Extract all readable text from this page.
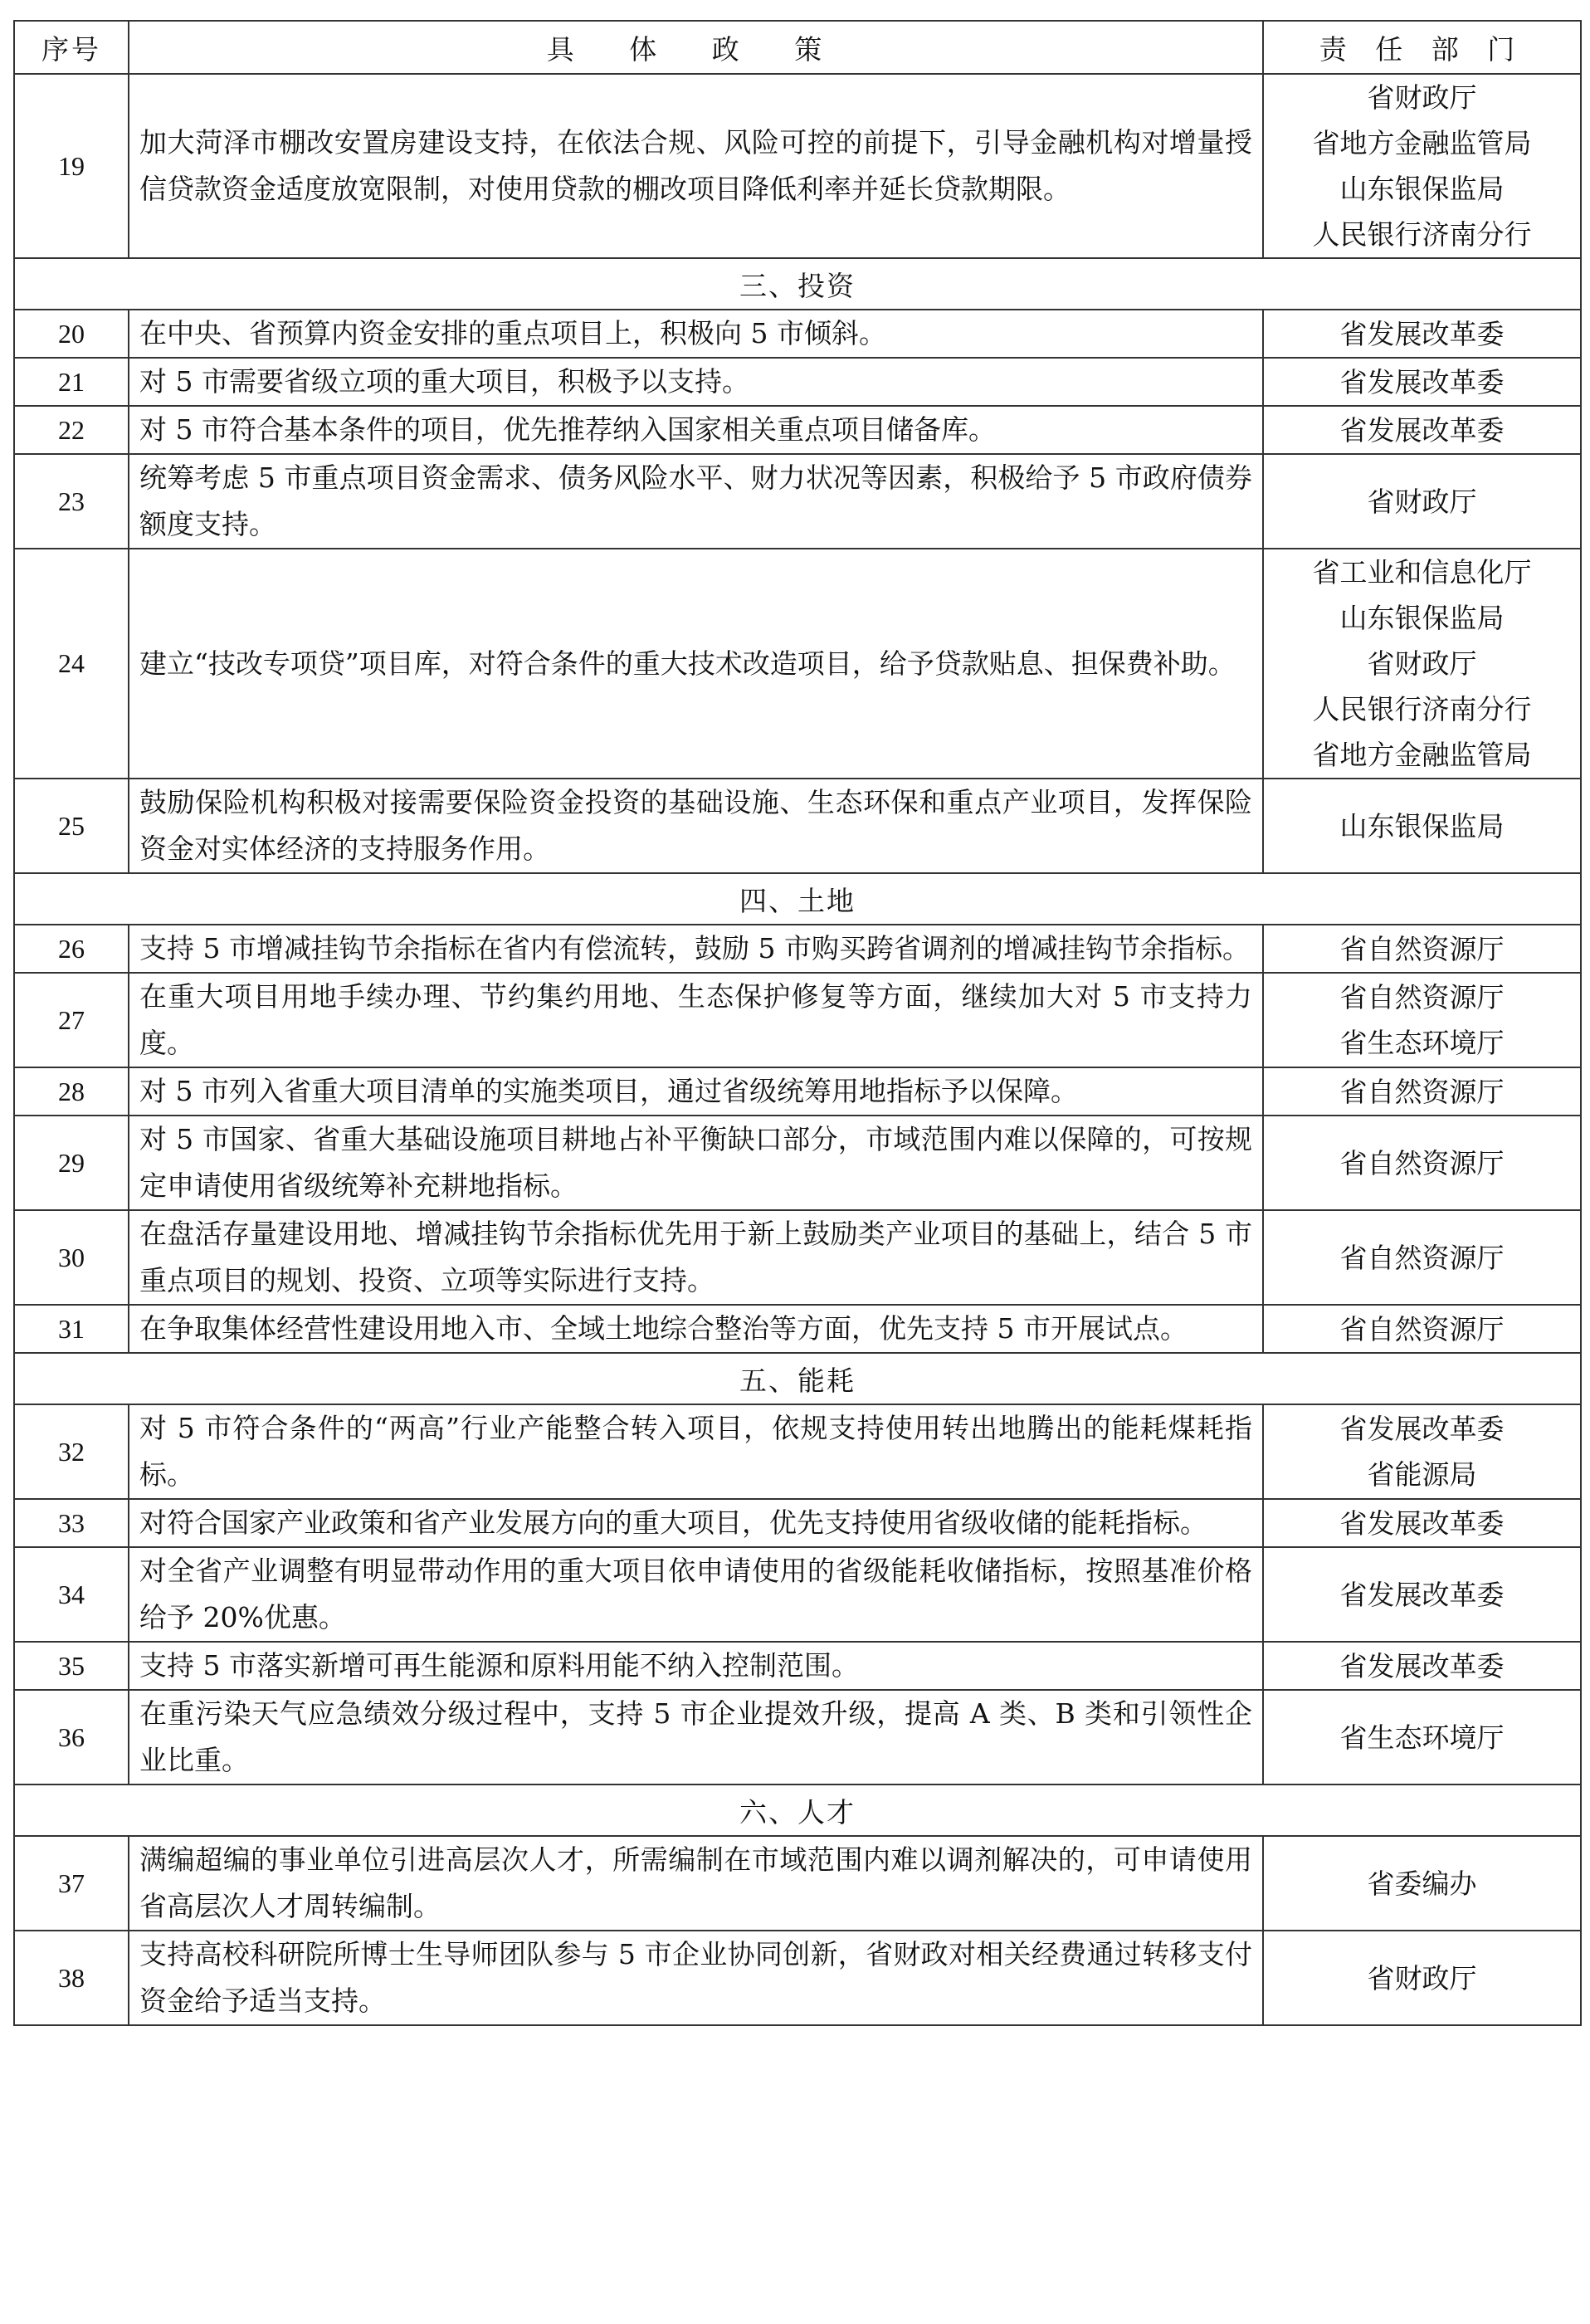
序号	具 体 政 策	责 任 部 门
19	加大菏泽市棚改安置房建设支持，在依法合规、风险可控的前提下，引导金融机构对增量授信贷款资金适度放宽限制，对使用贷款的棚改项目降低利率并延长贷款期限。	省财政厅
省地方金融监管局
山东银保监局
人民银行济南分行

三、投资		
20	在中央、省预算内资金安排的重点项目上，积极向 5 市倾斜。	省发展改革委

21	对 5 市需要省级立项的重大项目，积极予以支持。	省发展改革委

22	对 5 市符合基本条件的项目，优先推荐纳入国家相关重点项目储备库。	省发展改革委

23	统筹考虑 5 市重点项目资金需求、债务风险水平、财力状况等因素，积极给予 5 市政府债券额度支持。	省财政厅

24	建立“技改专项贷”项目库，对符合条件的重大技术改造项目，给予贷款贴息、担保费补助。	省工业和信息化厅
山东银保监局
省财政厅
人民银行济南分行
省地方金融监管局

25	鼓励保险机构积极对接需要保险资金投资的基础设施、生态环保和重点产业项目，发挥保险资金对实体经济的支持服务作用。	山东银保监局

四、土地		
26	支持 5 市增减挂钩节余指标在省内有偿流转，鼓励 5 市购买跨省调剂的增减挂钩节余指标。	省自然资源厅

27	在重大项目用地手续办理、节约集约用地、生态保护修复等方面，继续加大对 5 市支持力度。	省自然资源厅
省生态环境厅

28	对 5 市列入省重大项目清单的实施类项目，通过省级统筹用地指标予以保障。	省自然资源厅

29	对 5 市国家、省重大基础设施项目耕地占补平衡缺口部分，市域范围内难以保障的，可按规定申请使用省级统筹补充耕地指标。	省自然资源厅

30	在盘活存量建设用地、增减挂钩节余指标优先用于新上鼓励类产业项目的基础上，结合 5 市重点项目的规划、投资、立项等实际进行支持。	省自然资源厅

31	在争取集体经营性建设用地入市、全域土地综合整治等方面，优先支持 5 市开展试点。	省自然资源厅

五、能耗		
32	对 5 市符合条件的“两高”行业产能整合转入项目，依规支持使用转出地腾出的能耗煤耗指标。	省发展改革委
省能源局

33	对符合国家产业政策和省产业发展方向的重大项目，优先支持使用省级收储的能耗指标。	省发展改革委

34	对全省产业调整有明显带动作用的重大项目依申请使用的省级能耗收储指标，按照基准价格给予 20%优惠。	省发展改革委

35	支持 5 市落实新增可再生能源和原料用能不纳入控制范围。	省发展改革委

36	在重污染天气应急绩效分级过程中，支持 5 市企业提效升级，提高 A 类、B 类和引领性企业比重。	省生态环境厅

六、人才		
37	满编超编的事业单位引进高层次人才，所需编制在市域范围内难以调剂解决的，可申请使用省高层次人才周转编制。	省委编办

38	支持高校科研院所博士生导师团队参与 5 市企业协同创新，省财政对相关经费通过转移支付资金给予适当支持。	省财政厅
